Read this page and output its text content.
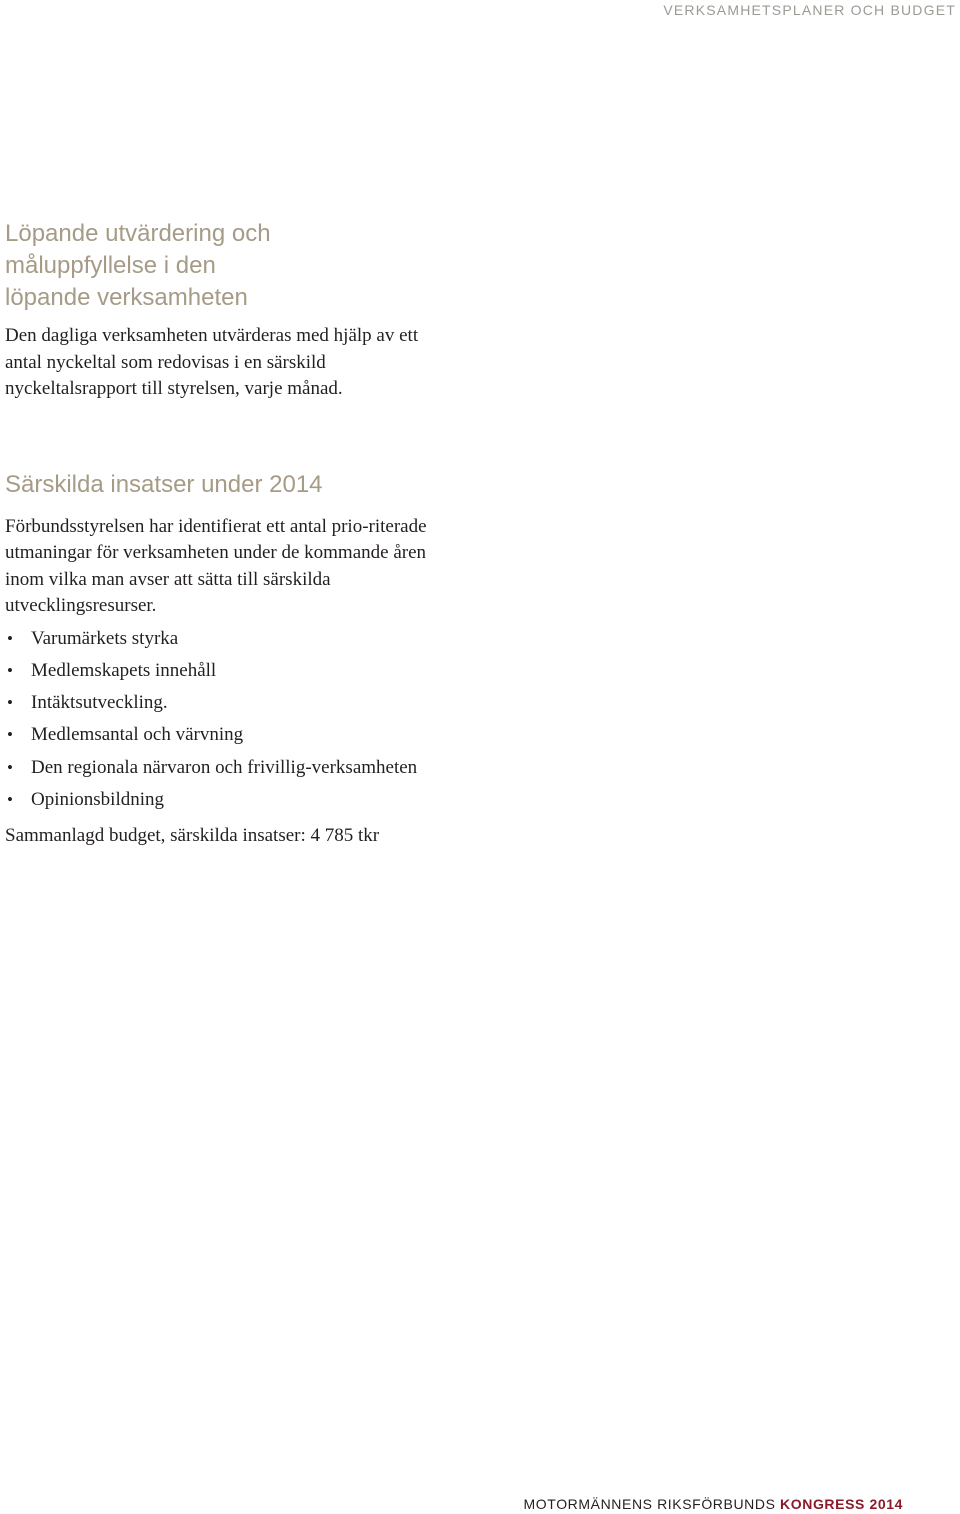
VERKSAMHETSPLANER OCH BUDGET
Löpande utvärdering och måluppfyllelse i den löpande verksamheten

Den dagliga verksamheten utvärderas med hjälp av ett antal nyckeltal som redovisas i en särskild nyckeltalsrapport till styrelsen, varje månad.

Särskilda insatser under 2014

Förbundsstyrelsen har identifierat ett antal prio-riterade utmaningar för verksamheten under de kommande åren inom vilka man avser att sätta till särskilda utvecklingsresurser.

• Varumärkets styrka
• Medlemskapets innehåll
• Intäktsutveckling.
• Medlemsantal och värvning
• Den regionala närvaron och frivillig-verksamheten
• Opinionsbildning

Sammanlagd budget, särskilda insatser: 4 785 tkr

MOTORMÄNNENS RIKSFÖRBUNDS KONGRESS 2014
